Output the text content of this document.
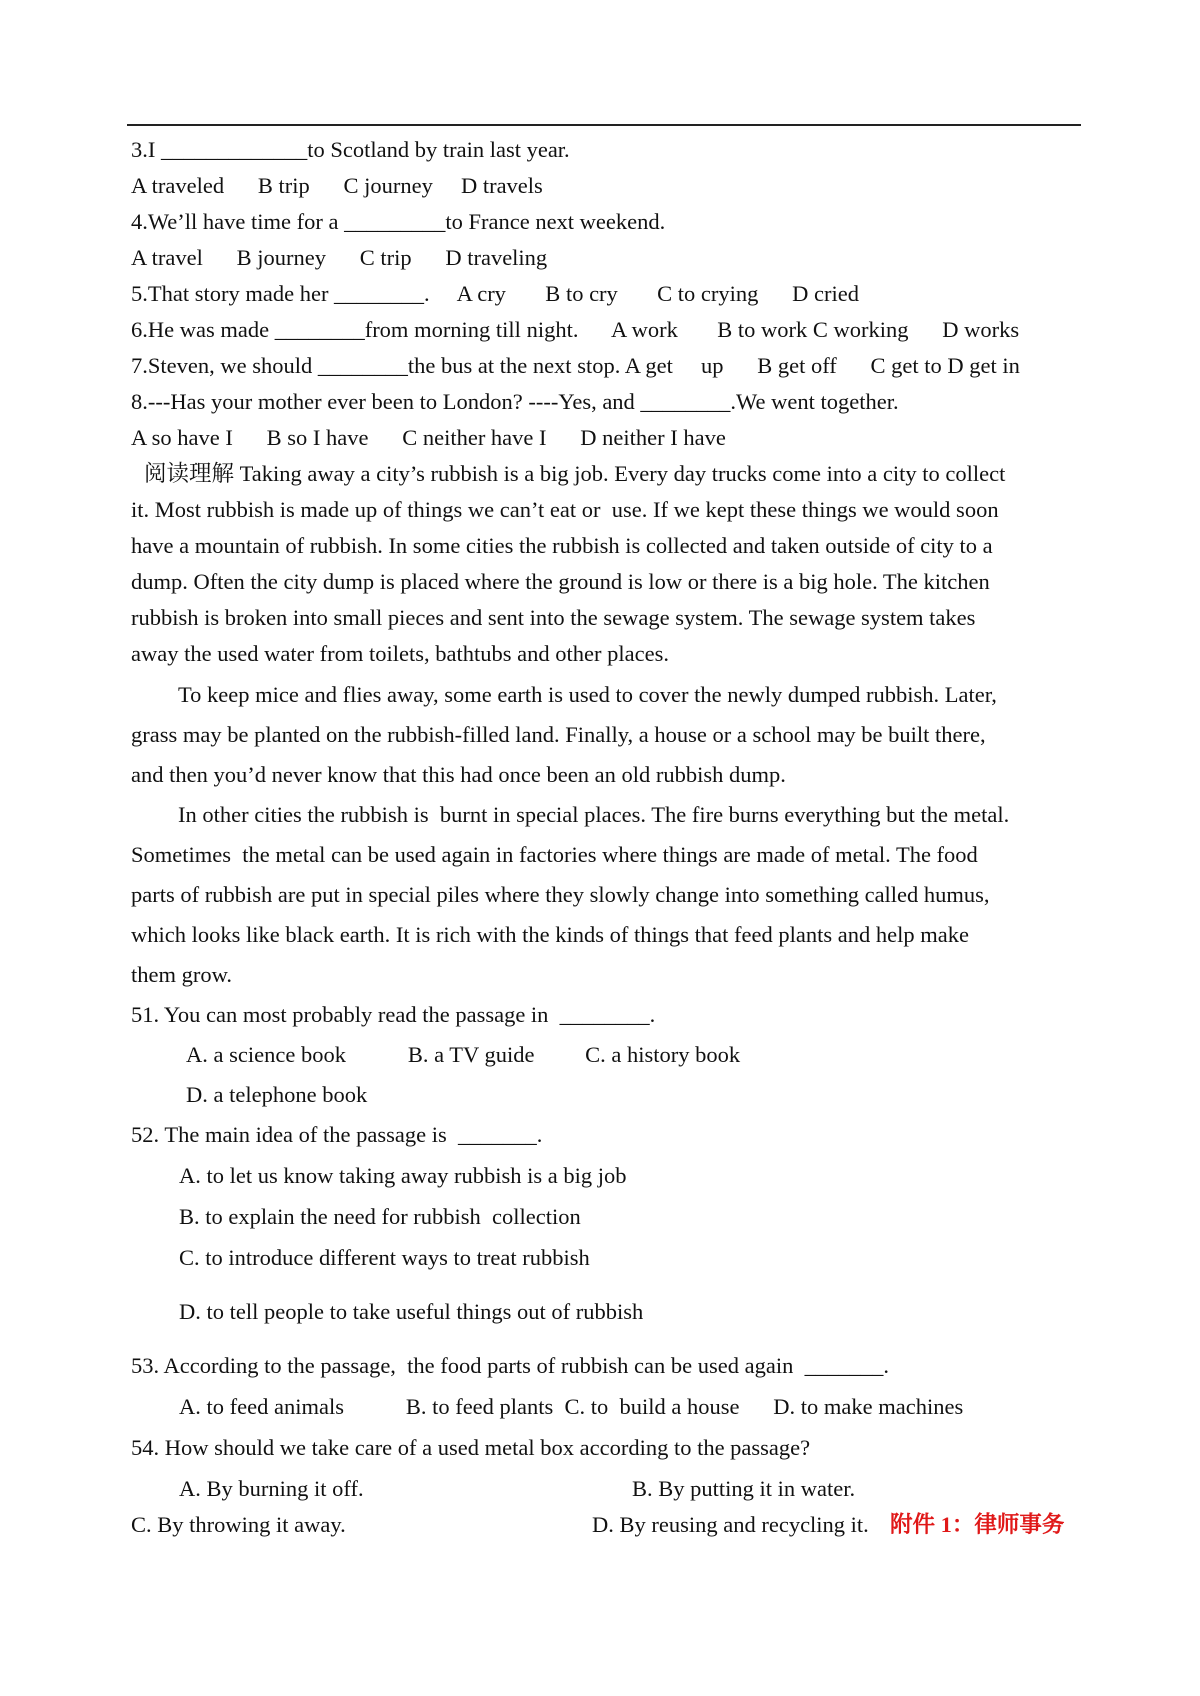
3.I _____________to Scotland by train last year.
A traveled      B trip      C journey     D travels
4.We’ll have time for a _________to France next weekend.
A travel      B journey      C trip      D traveling
5.That story made her ________.     A cry       B to cry       C to crying      D cried
6.He was made ________from morning till night.      A work       B to work C working      D works
7.Steven, we should ________the bus at the next stop. A get     up      B get off      C get to D get in
8.---Has your mother ever been to London? ----Yes, and ________.We went together.
A so have I      B so I have      C neither have I      D neither I have
阅读理解 Taking away a city’s rubbish is a big job. Every day trucks come into a city to collect
it. Most rubbish is made up of things we can’t eat or  use. If we kept these things we would soon
have a mountain of rubbish. In some cities the rubbish is collected and taken outside of city to a
dump. Often the city dump is placed where the ground is low or there is a big hole. The kitchen
rubbish is broken into small pieces and sent into the sewage system. The sewage system takes
away the used water from toilets, bathtubs and other places.
To keep mice and flies away, some earth is used to cover the newly dumped rubbish. Later,
grass may be planted on the rubbish-filled land. Finally, a house or a school may be built there,
and then you’d never know that this had once been an old rubbish dump.
In other cities the rubbish is  burnt in special places. The fire burns everything but the metal.
Sometimes  the metal can be used again in factories where things are made of metal. The food
parts of rubbish are put in special piles where they slowly change into something called humus,
which looks like black earth. It is rich with the kinds of things that feed plants and help make
them grow.
51. You can most probably read the passage in  ________.
A. a science book           B. a TV guide         C. a history book
D. a telephone book
52. The main idea of the passage is  _______.
A. to let us know taking away rubbish is a big job
B. to explain the need for rubbish  collection
C. to introduce different ways to treat rubbish
D. to tell people to take useful things out of rubbish
53. According to the passage,  the food parts of rubbish can be used again  _______.
A. to feed animals           B. to feed plants  C. to  build a house      D. to make machines
54. How should we take care of a used metal box according to the passage?
A. By burning it off.	B. By putting it in water.
C. By throwing it away.	D. By reusing and recycling it. 附件 1：律师事务
